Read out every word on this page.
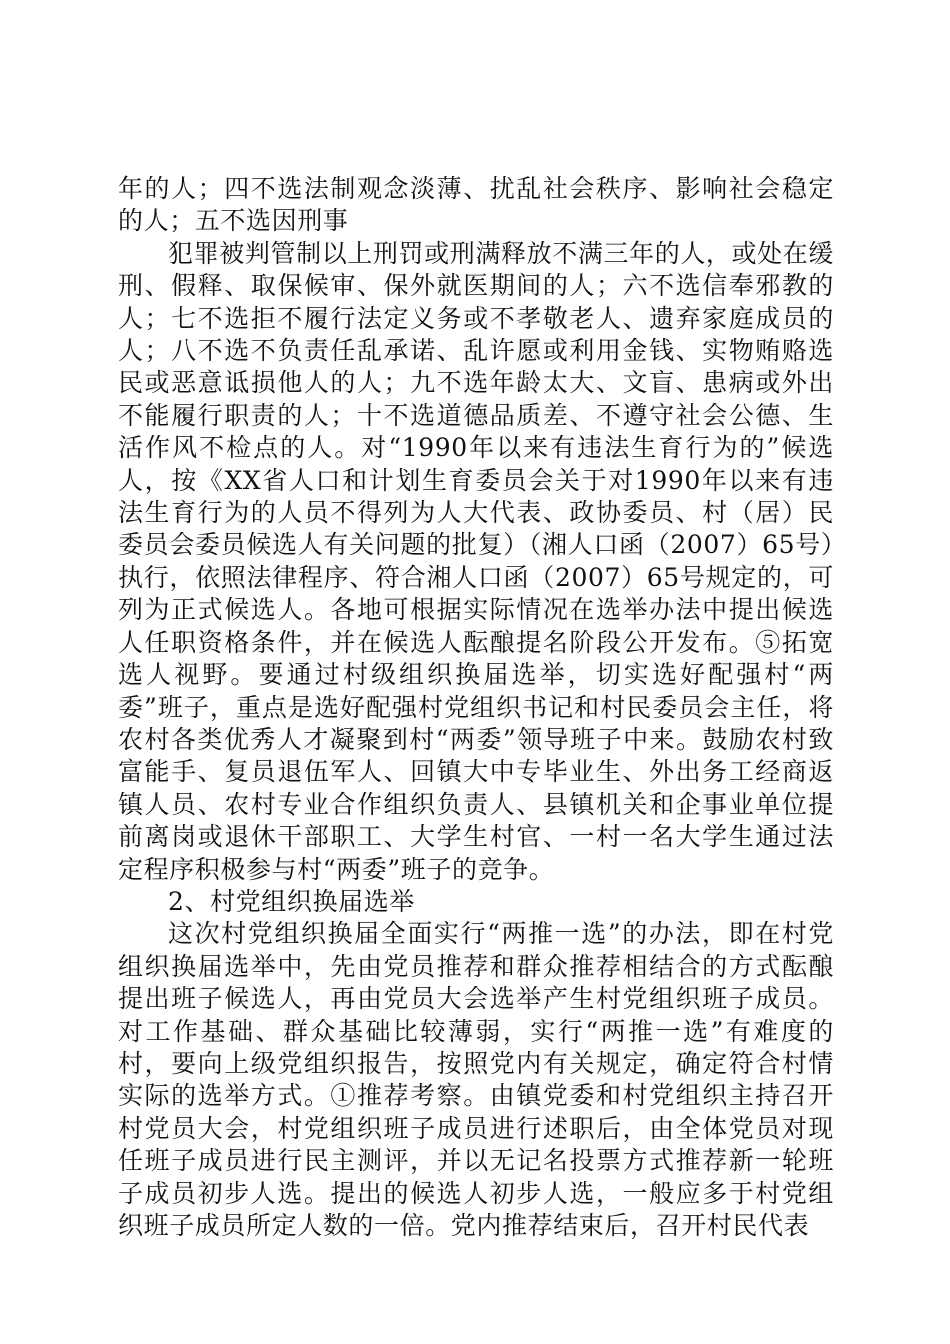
年的人；四不选法制观念淡薄、扰乱社会秩序、影响社会稳定的人；五不选因刑事

犯罪被判管制以上刑罚或刑满释放不满三年的人，或处在缓刑、假释、取保候审、保外就医期间的人；六不选信奉邪教的人；七不选拒不履行法定义务或不孝敬老人、遗弃家庭成员的人；八不选不负责任乱承诺、乱许愿或利用金钱、实物贿赂选民或恶意诋损他人的人；九不选年龄太大、文盲、患病或外出不能履行职责的人；十不选道德品质差、不遵守社会公德、生活作风不检点的人。对“1990年以来有违法生育行为的”候选人，按《XX省人口和计划生育委员会关于对1990年以来有违法生育行为的人员不得列为人大代表、政协委员、村（居）民委员会委员候选人有关问题的批复）（湘人口函（2007）65号）执行，依照法律程序、符合湘人口函（2007）65号规定的，可列为正式候选人。各地可根据实际情况在选举办法中提出候选人任职资格条件，并在候选人酝酿提名阶段公开发布。⑤拓宽选人视野。要通过村级组织换届选举，切实选好配强村“两委”班子，重点是选好配强村党组织书记和村民委员会主任，将农村各类优秀人才凝聚到村“两委”领导班子中来。鼓励农村致富能手、复员退伍军人、回镇大中专毕业生、外出务工经商返镇人员、农村专业合作组织负责人、县镇机关和企事业单位提前离岗或退休干部职工、大学生村官、一村一名大学生通过法定程序积极参与村“两委”班子的竞争。

2、村党组织换届选举

这次村党组织换届全面实行“两推一选”的办法，即在村党组织换届选举中，先由党员推荐和群众推荐相结合的方式酝酿提出班子候选人，再由党员大会选举产生村党组织班子成员。对工作基础、群众基础比较薄弱，实行“两推一选”有难度的村，要向上级党组织报告，按照党内有关规定，确定符合村情实际的选举方式。①推荐考察。由镇党委和村党组织主持召开村党员大会，村党组织班子成员进行述职后，由全体党员对现任班子成员进行民主测评，并以无记名投票方式推荐新一轮班子成员初步人选。提出的候选人初步人选，一般应多于村党组织班子成员所定人数的一倍。党内推荐结束后，召开村民代表
